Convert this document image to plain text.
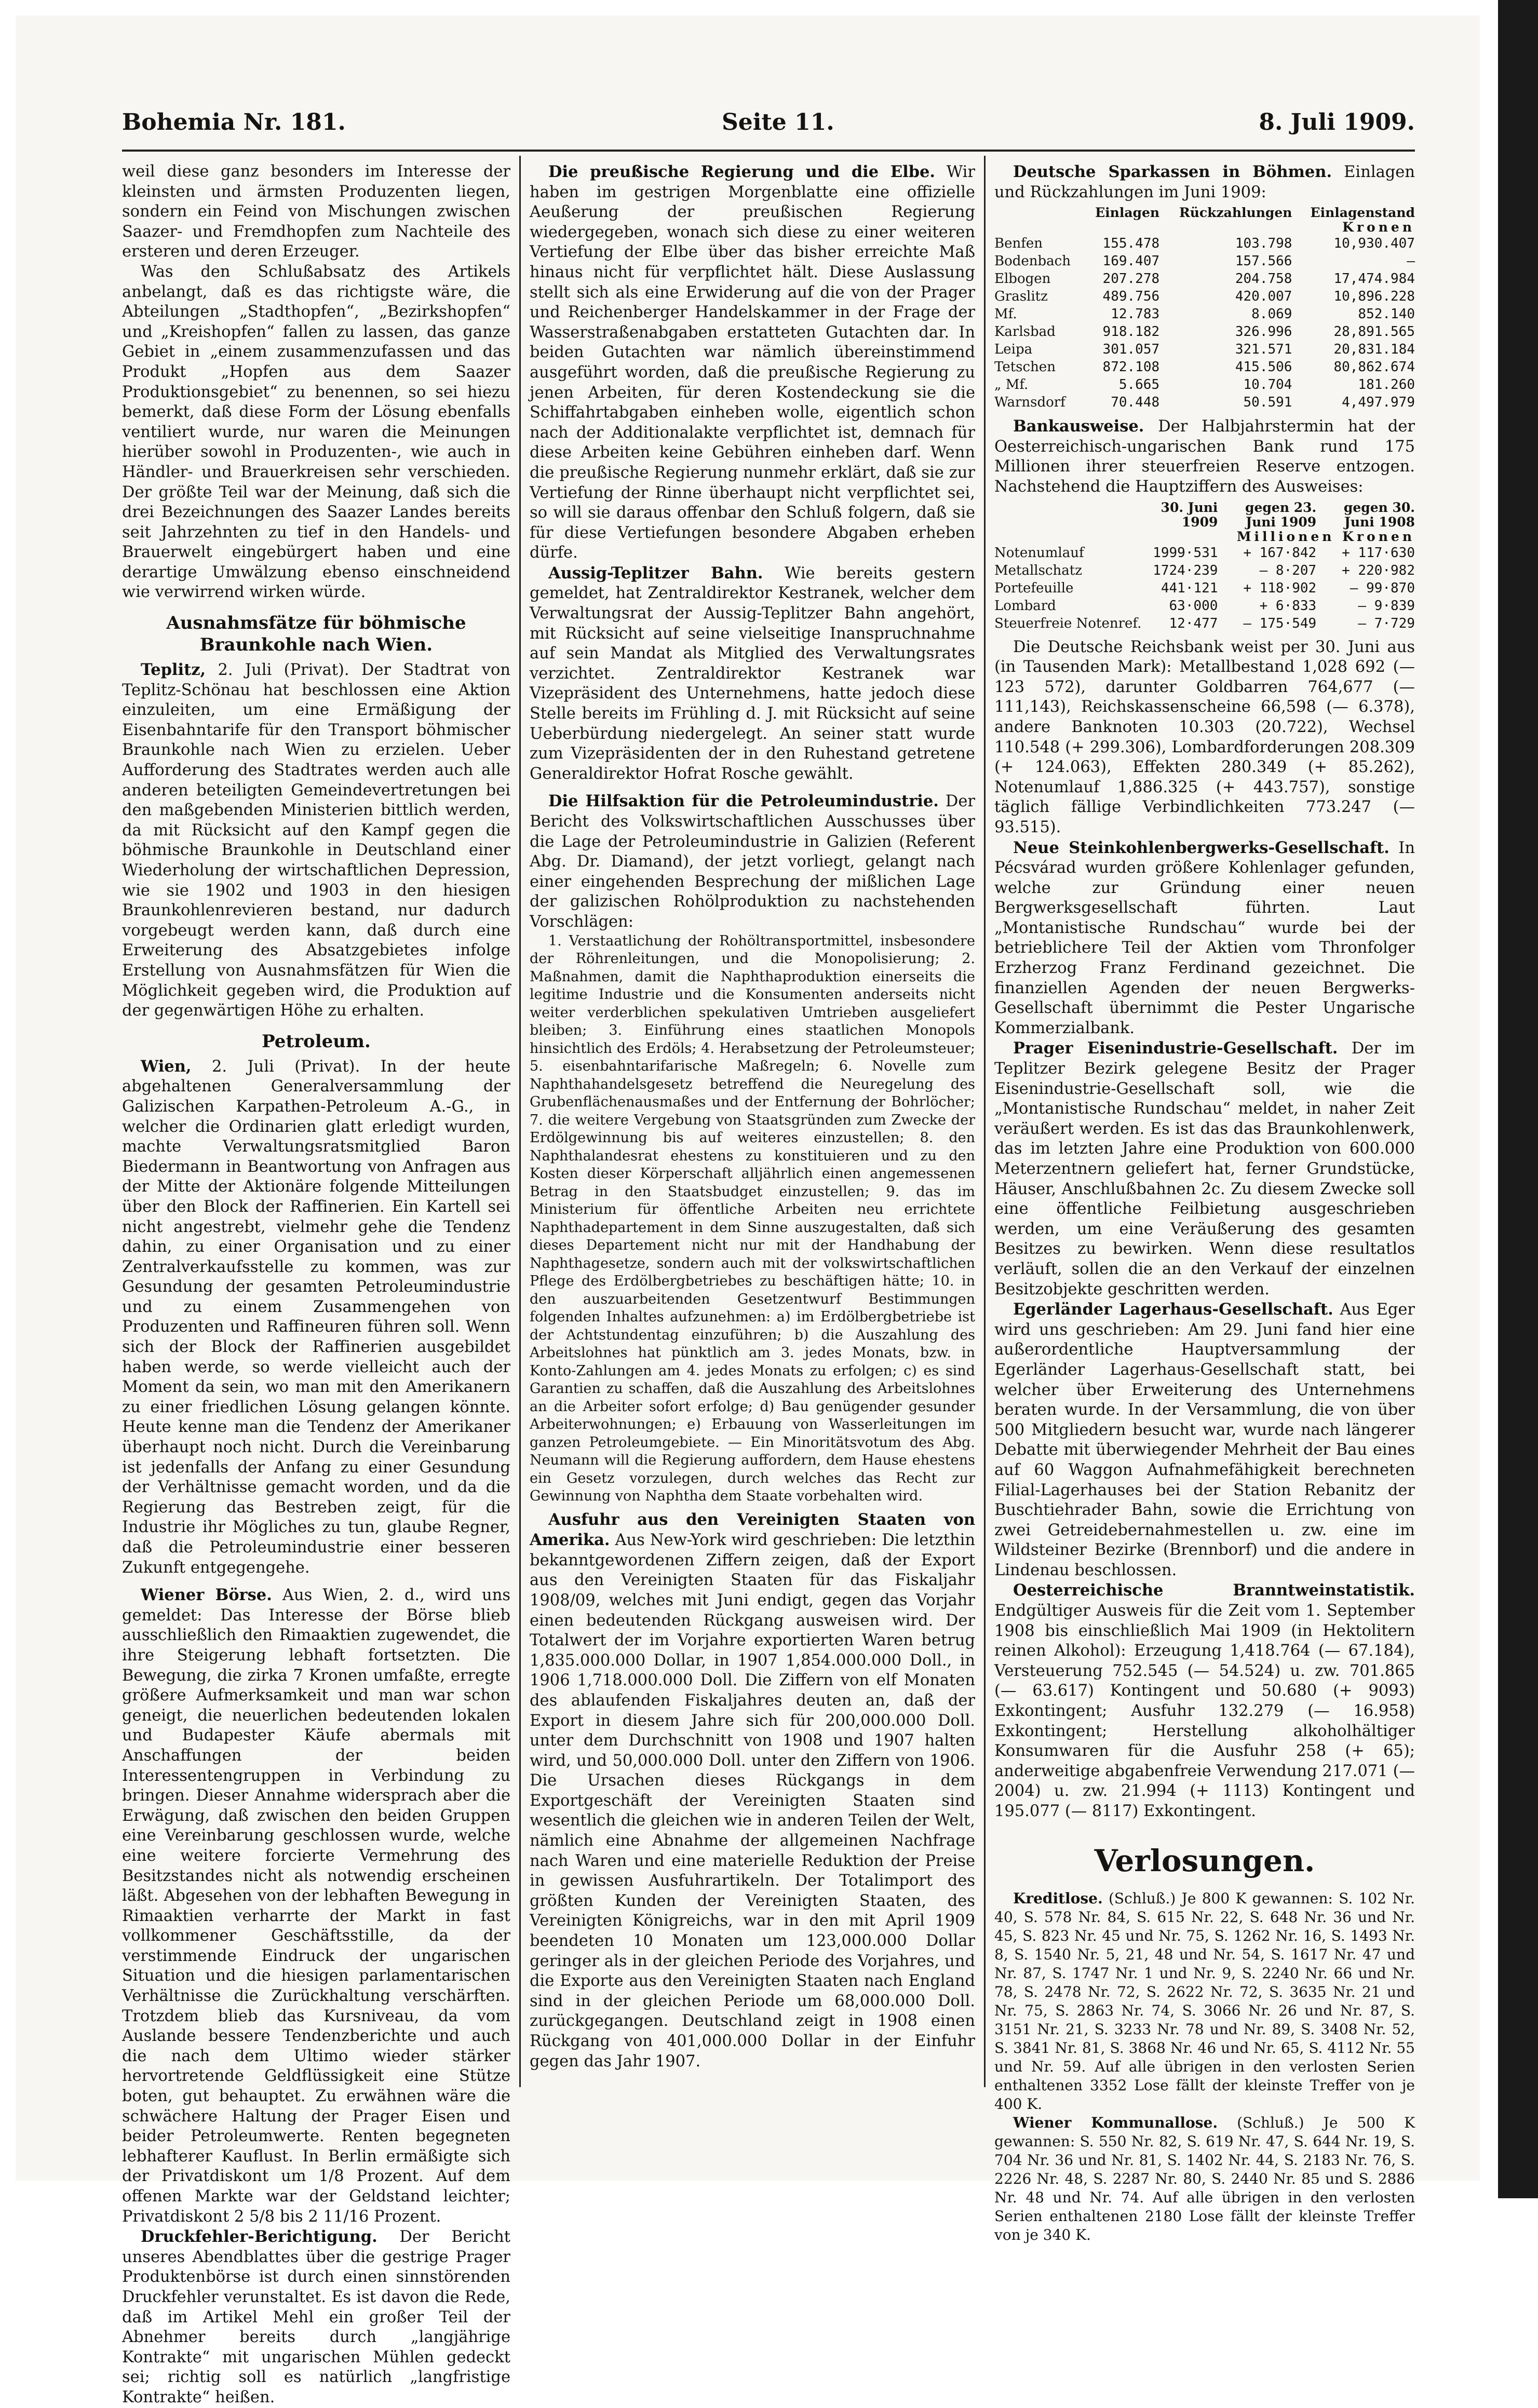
Bohemia Nr. 181.	Seite 11.	8. Juli 1909.

weil diese ganz besonders im Interesse der kleinsten und ärmsten Produzenten liegen, sondern ein Feind von Mischungen zwischen Saazer- und Fremdhopfen zum Nachteile des ersteren und deren Erzeuger.

Was den Schlußabsatz des Artikels anbelangt, daß es das richtigste wäre, die Abteilungen „Stadthopfen“, „Bezirkshopfen“ und „Kreishopfen“ fallen zu lassen, das ganze Gebiet in „einem zusammenzufassen und das Produkt „Hopfen aus dem Saazer Produktionsgebiet“ zu benennen, so sei hiezu bemerkt, daß diese Form der Lösung ebenfalls ventiliert wurde, nur waren die Meinungen hierüber sowohl in Produzenten-, wie auch in Händler- und Brauerkreisen sehr verschieden. Der größte Teil war der Meinung, daß sich die drei Bezeichnungen des Saazer Landes bereits seit Jahrzehnten zu tief in den Handels- und Brauerwelt eingebürgert haben und eine derartige Umwälzung ebenso einschneidend wie verwirrend wirken würde.

Ausnahmsfätze für böhmische Braunkohle nach Wien.

Teplitz, 2. Juli (Privat). Der Stadtrat von Teplitz-Schönau hat beschlossen eine Aktion einzuleiten, um eine Ermäßigung der Eisenbahntarife für den Transport böhmischer Braunkohle nach Wien zu erzielen. Ueber Aufforderung des Stadtrates werden auch alle anderen beteiligten Gemeindevertretungen bei den maßgebenden Ministerien bittlich werden, da mit Rücksicht auf den Kampf gegen die böhmische Braunkohle in Deutschland einer Wiederholung der wirtschaftlichen Depression, wie sie 1902 und 1903 in den hiesigen Braunkohlenrevieren bestand, nur dadurch vorgebeugt werden kann, daß durch eine Erweiterung des Absatzgebietes infolge Erstellung von Ausnahmsfätzen für Wien die Möglichkeit gegeben wird, die Produktion auf der gegenwärtigen Höhe zu erhalten.

Petroleum.

Wien, 2. Juli (Privat). In der heute abgehaltenen Generalversammlung der Galizischen Karpathen-Petroleum A.-G., in welcher die Ordinarien glatt erledigt wurden, machte Verwaltungsratsmitglied Baron Biedermann in Beantwortung von Anfragen aus der Mitte der Aktionäre folgende Mitteilungen über den Block der Raffinerien. Ein Kartell sei nicht angestrebt, vielmehr gehe die Tendenz dahin, zu einer Organisation und zu einer Zentralverkaufsstelle zu kommen, was zur Gesundung der gesamten Petroleumindustrie und zu einem Zusammengehen von Produzenten und Raffineuren führen soll. Wenn sich der Block der Raffinerien ausgebildet haben werde, so werde vielleicht auch der Moment da sein, wo man mit den Amerikanern zu einer friedlichen Lösung gelangen könnte. Heute kenne man die Tendenz der Amerikaner überhaupt noch nicht. Durch die Vereinbarung ist jedenfalls der Anfang zu einer Gesundung der Verhältnisse gemacht worden, und da die Regierung das Bestreben zeigt, für die Industrie ihr Mögliches zu tun, glaube Regner, daß die Petroleumindustrie einer besseren Zukunft entgegengehe.

Wiener Börse. Aus Wien, 2. d., wird uns gemeldet: Das Interesse der Börse blieb ausschließlich den Rimaaktien zugewendet, die ihre Steigerung lebhaft fortsetzten. Die Bewegung, die zirka 7 Kronen umfaßte, erregte größere Aufmerksamkeit und man war schon geneigt, die neuerlichen bedeutenden lokalen und Budapester Käufe abermals mit Anschaffungen der beiden Interessentengruppen in Verbindung zu bringen. Dieser Annahme widersprach aber die Erwägung, daß zwischen den beiden Gruppen eine Vereinbarung geschlossen wurde, welche eine weitere forcierte Vermehrung des Besitzstandes nicht als notwendig erscheinen läßt. Abgesehen von der lebhaften Bewegung in Rimaaktien verharrte der Markt in fast vollkommener Geschäftsstille, da der verstimmende Eindruck der ungarischen Situation und die hiesigen parlamentarischen Verhältnisse die Zurückhaltung verschärften. Trotzdem blieb das Kursniveau, da vom Auslande bessere Tendenzberichte und auch die nach dem Ultimo wieder stärker hervortretende Geldflüssigkeit eine Stütze boten, gut behauptet. Zu erwähnen wäre die schwächere Haltung der Prager Eisen und beider Petroleumwerte. Renten begegneten lebhafterer Kauflust. In Berlin ermäßigte sich der Privatdiskont um 1/8 Prozent. Auf dem offenen Markte war der Geldstand leichter; Privatdiskont 2 5/8 bis 2 11/16 Prozent.

Druckfehler-Berichtigung. Der Bericht unseres Abendblattes über die gestrige Prager Produktenbörse ist durch einen sinnstörenden Druckfehler verunstaltet. Es ist davon die Rede, daß im Artikel Mehl ein großer Teil der Abnehmer bereits durch „langjährige Kontrakte“ mit ungarischen Mühlen gedeckt sei; richtig soll es natürlich „langfristige Kontrakte“ heißen.

Die preußische Regierung und die Elbe. Wir haben im gestrigen Morgenblatte eine offizielle Aeußerung der preußischen Regierung wiedergegeben, wonach sich diese zu einer weiteren Vertiefung der Elbe über das bisher erreichte Maß hinaus nicht für verpflichtet hält. Diese Auslassung stellt sich als eine Erwiderung auf die von der Prager und Reichenberger Handelskammer in der Frage der Wasserstraßenabgaben erstatteten Gutachten dar. In beiden Gutachten war nämlich übereinstimmend ausgeführt worden, daß die preußische Regierung zu jenen Arbeiten, für deren Kostendeckung sie die Schiffahrtabgaben einheben wolle, eigentlich schon nach der Additionalakte verpflichtet ist, demnach für diese Arbeiten keine Gebühren einheben darf. Wenn die preußische Regierung nunmehr erklärt, daß sie zur Vertiefung der Rinne überhaupt nicht verpflichtet sei, so will sie daraus offenbar den Schluß folgern, daß sie für diese Vertiefungen besondere Abgaben erheben dürfe.

Aussig-Teplitzer Bahn. Wie bereits gestern gemeldet, hat Zentraldirektor Kestranek, welcher dem Verwaltungsrat der Aussig-Teplitzer Bahn angehört, mit Rücksicht auf seine vielseitige Inanspruchnahme auf sein Mandat als Mitglied des Verwaltungsrates verzichtet. Zentraldirektor Kestranek war Vizepräsident des Unternehmens, hatte jedoch diese Stelle bereits im Frühling d. J. mit Rücksicht auf seine Ueberbürdung niedergelegt. An seiner statt wurde zum Vizepräsidenten der in den Ruhestand getretene Generaldirektor Hofrat Rosche gewählt.

Die Hilfsaktion für die Petroleumindustrie. Der Bericht des Volkswirtschaftlichen Ausschusses über die Lage der Petroleumindustrie in Galizien (Referent Abg. Dr. Diamand), der jetzt vorliegt, gelangt nach einer eingehenden Besprechung der mißlichen Lage der galizischen Rohölproduktion zu nachstehenden Vorschlägen:

1. Verstaatlichung der Rohöltransportmittel, insbesondere der Röhrenleitungen, und die Monopolisierung; 2. Maßnahmen, damit die Naphthaproduktion einerseits die legitime Industrie und die Konsumenten anderseits nicht weiter verderblichen spekulativen Umtrieben ausgeliefert bleiben; 3. Einführung eines staatlichen Monopols hinsichtlich des Erdöls; 4. Herabsetzung der Petroleumsteuer; 5. eisenbahntarifarische Maßregeln; 6. Novelle zum Naphthahandelsgesetz betreffend die Neuregelung des Grubenflächenausmaßes und der Entfernung der Bohrlöcher; 7. die weitere Vergebung von Staatsgründen zum Zwecke der Erdölgewinnung bis auf weiteres einzustellen; 8. den Naphthalandesrat ehestens zu konstituieren und zu den Kosten dieser Körperschaft alljährlich einen angemessenen Betrag in den Staatsbudget einzustellen; 9. das im Ministerium für öffentliche Arbeiten neu errichtete Naphthadepartement in dem Sinne auszugestalten, daß sich dieses Departement nicht nur mit der Handhabung der Naphthagesetze, sondern auch mit der volkswirtschaftlichen Pflege des Erdölbergbetriebes zu beschäftigen hätte; 10. in den auszuarbeitenden Gesetzentwurf Bestimmungen folgenden Inhaltes aufzunehmen: a) im Erdölbergbetriebe ist der Achtstundentag einzuführen; b) die Auszahlung des Arbeitslohnes hat pünktlich am 3. jedes Monats, bzw. in Konto-Zahlungen am 4. jedes Monats zu erfolgen; c) es sind Garantien zu schaffen, daß die Auszahlung des Arbeitslohnes an die Arbeiter sofort erfolge; d) Bau genügender gesunder Arbeiterwohnungen; e) Erbauung von Wasserleitungen im ganzen Petroleumgebiete. — Ein Minoritätsvotum des Abg. Neumann will die Regierung auffordern, dem Hause ehestens ein Gesetz vorzulegen, durch welches das Recht zur Gewinnung von Naphtha dem Staate vorbehalten wird.

Ausfuhr aus den Vereinigten Staaten von Amerika. Aus New-York wird geschrieben: Die letzthin bekanntgewordenen Ziffern zeigen, daß der Export aus den Vereinigten Staaten für das Fiskaljahr 1908/09, welches mit Juni endigt, gegen das Vorjahr einen bedeutenden Rückgang ausweisen wird. Der Totalwert der im Vorjahre exportierten Waren betrug 1,835.000.000 Dollar, in 1907 1,854.000.000 Doll., in 1906 1,718.000.000 Doll. Die Ziffern von elf Monaten des ablaufenden Fiskaljahres deuten an, daß der Export in diesem Jahre sich für 200,000.000 Doll. unter dem Durchschnitt von 1908 und 1907 halten wird, und 50,000.000 Doll. unter den Ziffern von 1906. Die Ursachen dieses Rückgangs in dem Exportgeschäft der Vereinigten Staaten sind wesentlich die gleichen wie in anderen Teilen der Welt, nämlich eine Abnahme der allgemeinen Nachfrage nach Waren und eine materielle Reduktion der Preise in gewissen Ausfuhrartikeln. Der Totalimport des größten Kunden der Vereinigten Staaten, des Vereinigten Königreichs, war in den mit April 1909 beendeten 10 Monaten um 123,000.000 Dollar geringer als in der gleichen Periode des Vorjahres, und die Exporte aus den Vereinigten Staaten nach England sind in der gleichen Periode um 68,000.000 Doll. zurückgegangen. Deutschland zeigt in 1908 einen Rückgang von 401,000.000 Dollar in der Einfuhr gegen das Jahr 1907.

Deutsche Sparkassen in Böhmen. Einlagen und Rückzahlungen im Juni 1909:

	Einlagen	Rückzahlungen	Einlagenstand
Kronen			
Benfen	155.478	103.798	10,930.407
Bodenbach	169.407	157.566	—
Elbogen	207.278	204.758	17,474.984
Graslitz	489.756	420.007	10,896.228
Mf.	12.783	8.069	852.140
Karlsbad	918.182	326.996	28,891.565
Leipa	301.057	321.571	20,831.184
Tetschen	872.108	415.506	80,862.674
„ Mf.	5.665	10.704	181.260
Warnsdorf	70.448	50.591	4,497.979

Bankausweise. Der Halbjahrstermin hat der Oesterreichisch-ungarischen Bank rund 175 Millionen ihrer steuerfreien Reserve entzogen. Nachstehend die Hauptziffern des Ausweises:

	30. Juni 1909	gegen 23. Juni 1909	gegen 30. Juni 1908
Millionen Kronen			
Notenumlauf	1999·531	+ 167·842	+ 117·630
Metallschatz	1724·239	— 8·207	+ 220·982
Portefeuille	441·121	+ 118·902	— 99·870
Lombard	63·000	+ 6·833	— 9·839
Steuerfreie Notenref.	12·477	— 175·549	— 7·729

Die Deutsche Reichsbank weist per 30. Juni aus (in Tausenden Mark): Metallbestand 1,028 692 (— 123 572), darunter Goldbarren 764,677 (— 111,143), Reichskassenscheine 66,598 (— 6.378), andere Banknoten 10.303 (20.722), Wechsel 110.548 (+ 299.306), Lombardforderungen 208.309 (+ 124.063), Effekten 280.349 (+ 85.262), Notenumlauf 1,886.325 (+ 443.757), sonstige täglich fällige Verbindlichkeiten 773.247 (— 93.515).

Neue Steinkohlenbergwerks-Gesellschaft. In Pécsvárad wurden größere Kohlenlager gefunden, welche zur Gründung einer neuen Bergwerksgesellschaft führten. Laut „Montanistische Rundschau“ wurde bei der betrieblichere Teil der Aktien vom Thronfolger Erzherzog Franz Ferdinand gezeichnet. Die finanziellen Agenden der neuen Bergwerks-Gesellschaft übernimmt die Pester Ungarische Kommerzialbank.

Prager Eisenindustrie-Gesellschaft. Der im Teplitzer Bezirk gelegene Besitz der Prager Eisenindustrie-Gesellschaft soll, wie die „Montanistische Rundschau“ meldet, in naher Zeit veräußert werden. Es ist das das Braunkohlenwerk, das im letzten Jahre eine Produktion von 600.000 Meterzentnern geliefert hat, ferner Grundstücke, Häuser, Anschlußbahnen 2c. Zu diesem Zwecke soll eine öffentliche Feilbietung ausgeschrieben werden, um eine Veräußerung des gesamten Besitzes zu bewirken. Wenn diese resultatlos verläuft, sollen die an den Verkauf der einzelnen Besitzobjekte geschritten werden.

Egerländer Lagerhaus-Gesellschaft. Aus Eger wird uns geschrieben: Am 29. Juni fand hier eine außerordentliche Hauptversammlung der Egerländer Lagerhaus-Gesellschaft statt, bei welcher über Erweiterung des Unternehmens beraten wurde. In der Versammlung, die von über 500 Mitgliedern besucht war, wurde nach längerer Debatte mit überwiegender Mehrheit der Bau eines auf 60 Waggon Aufnahmefähigkeit berechneten Filial-Lagerhauses bei der Station Rebanitz der Buschtiehrader Bahn, sowie die Errichtung von zwei Getreidebernahmestellen u. zw. eine im Wildsteiner Bezirke (Brennborf) und die andere in Lindenau beschlossen.

Oesterreichische Branntweinstatistik. Endgültiger Ausweis für die Zeit vom 1. September 1908 bis einschließlich Mai 1909 (in Hektolitern reinen Alkohol): Erzeugung 1,418.764 (— 67.184), Versteuerung 752.545 (— 54.524) u. zw. 701.865 (— 63.617) Kontingent und 50.680 (+ 9093) Exkontingent; Ausfuhr 132.279 (— 16.958) Exkontingent; Herstellung alkoholhältiger Konsumwaren für die Ausfuhr 258 (+ 65); anderweitige abgabenfreie Verwendung 217.071 (— 2004) u. zw. 21.994 (+ 1113) Kontingent und 195.077 (— 8117) Exkontingent.

Verlosungen.

Kreditlose. (Schluß.) Je 800 K gewannen: S. 102 Nr. 40, S. 578 Nr. 84, S. 615 Nr. 22, S. 648 Nr. 36 und Nr. 45, S. 823 Nr. 45 und Nr. 75, S. 1262 Nr. 16, S. 1493 Nr. 8, S. 1540 Nr. 5, 21, 48 und Nr. 54, S. 1617 Nr. 47 und Nr. 87, S. 1747 Nr. 1 und Nr. 9, S. 2240 Nr. 66 und Nr. 78, S. 2478 Nr. 72, S. 2622 Nr. 72, S. 3635 Nr. 21 und Nr. 75, S. 2863 Nr. 74, S. 3066 Nr. 26 und Nr. 87, S. 3151 Nr. 21, S. 3233 Nr. 78 und Nr. 89, S. 3408 Nr. 52, S. 3841 Nr. 81, S. 3868 Nr. 46 und Nr. 65, S. 4112 Nr. 55 und Nr. 59. Auf alle übrigen in den verlosten Serien enthaltenen 3352 Lose fällt der kleinste Treffer von je 400 K.

Wiener Kommunallose. (Schluß.) Je 500 K gewannen: S. 550 Nr. 82, S. 619 Nr. 47, S. 644 Nr. 19, S. 704 Nr. 36 und Nr. 81, S. 1402 Nr. 44, S. 2183 Nr. 76, S. 2226 Nr. 48, S. 2287 Nr. 80, S. 2440 Nr. 85 und S. 2886 Nr. 48 und Nr. 74. Auf alle übrigen in den verlosten Serien enthaltenen 2180 Lose fällt der kleinste Treffer von je 340 K.
